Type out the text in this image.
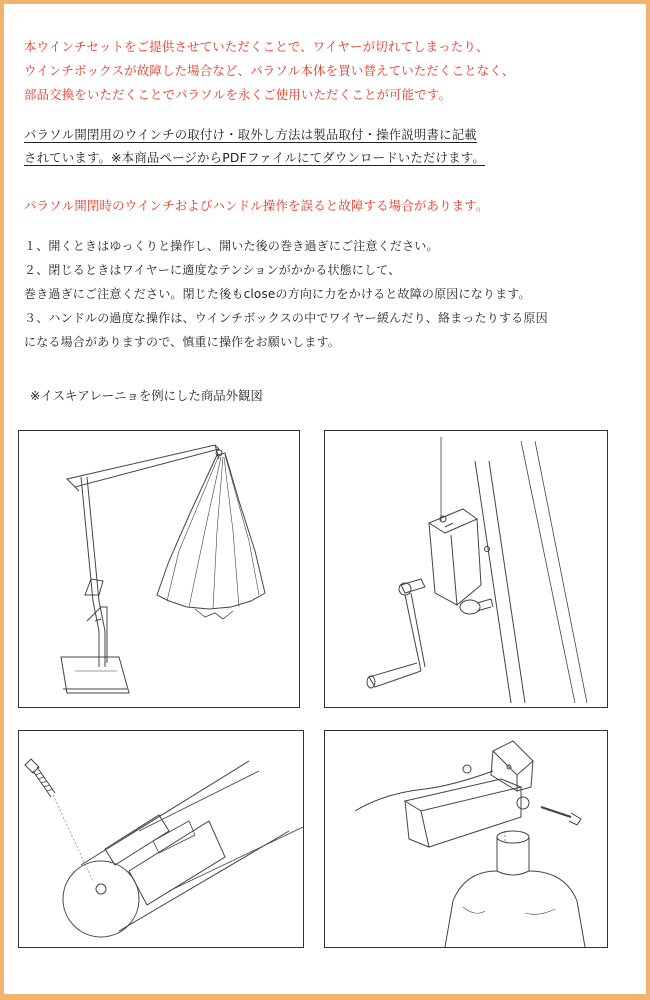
本ウインチセットをご提供させていただくことで、ワイヤーが切れてしまったり、
ウインチボックスが故障した場合など、パラソル本体を買い替えていただくことなく、
部品交換をいただくことでパラソルを永くご使用いただくことが可能です。
パラソル開閉用のウインチの取付け・取外し方法は製品取付・操作説明書に記載
されています。※本商品ページからPDFファイルにてダウンロードいただけます。
パラソル開閉時のウインチおよびハンドル操作を誤ると故障する場合があります。
１、開くときはゆっくりと操作し、開いた後の巻き過ぎにご注意ください。
２、閉じるときはワイヤーに適度なテンションがかかる状態にして、
巻き過ぎにご注意ください。閉じた後もcloseの方向に力をかけると故障の原因になります。
３、ハンドルの過度な操作は、ウインチボックスの中でワイヤー緩んだり、絡まったりする原因
になる場合がありますので、慎重に操作をお願いします。
※イスキアレーニョを例にした商品外観図
